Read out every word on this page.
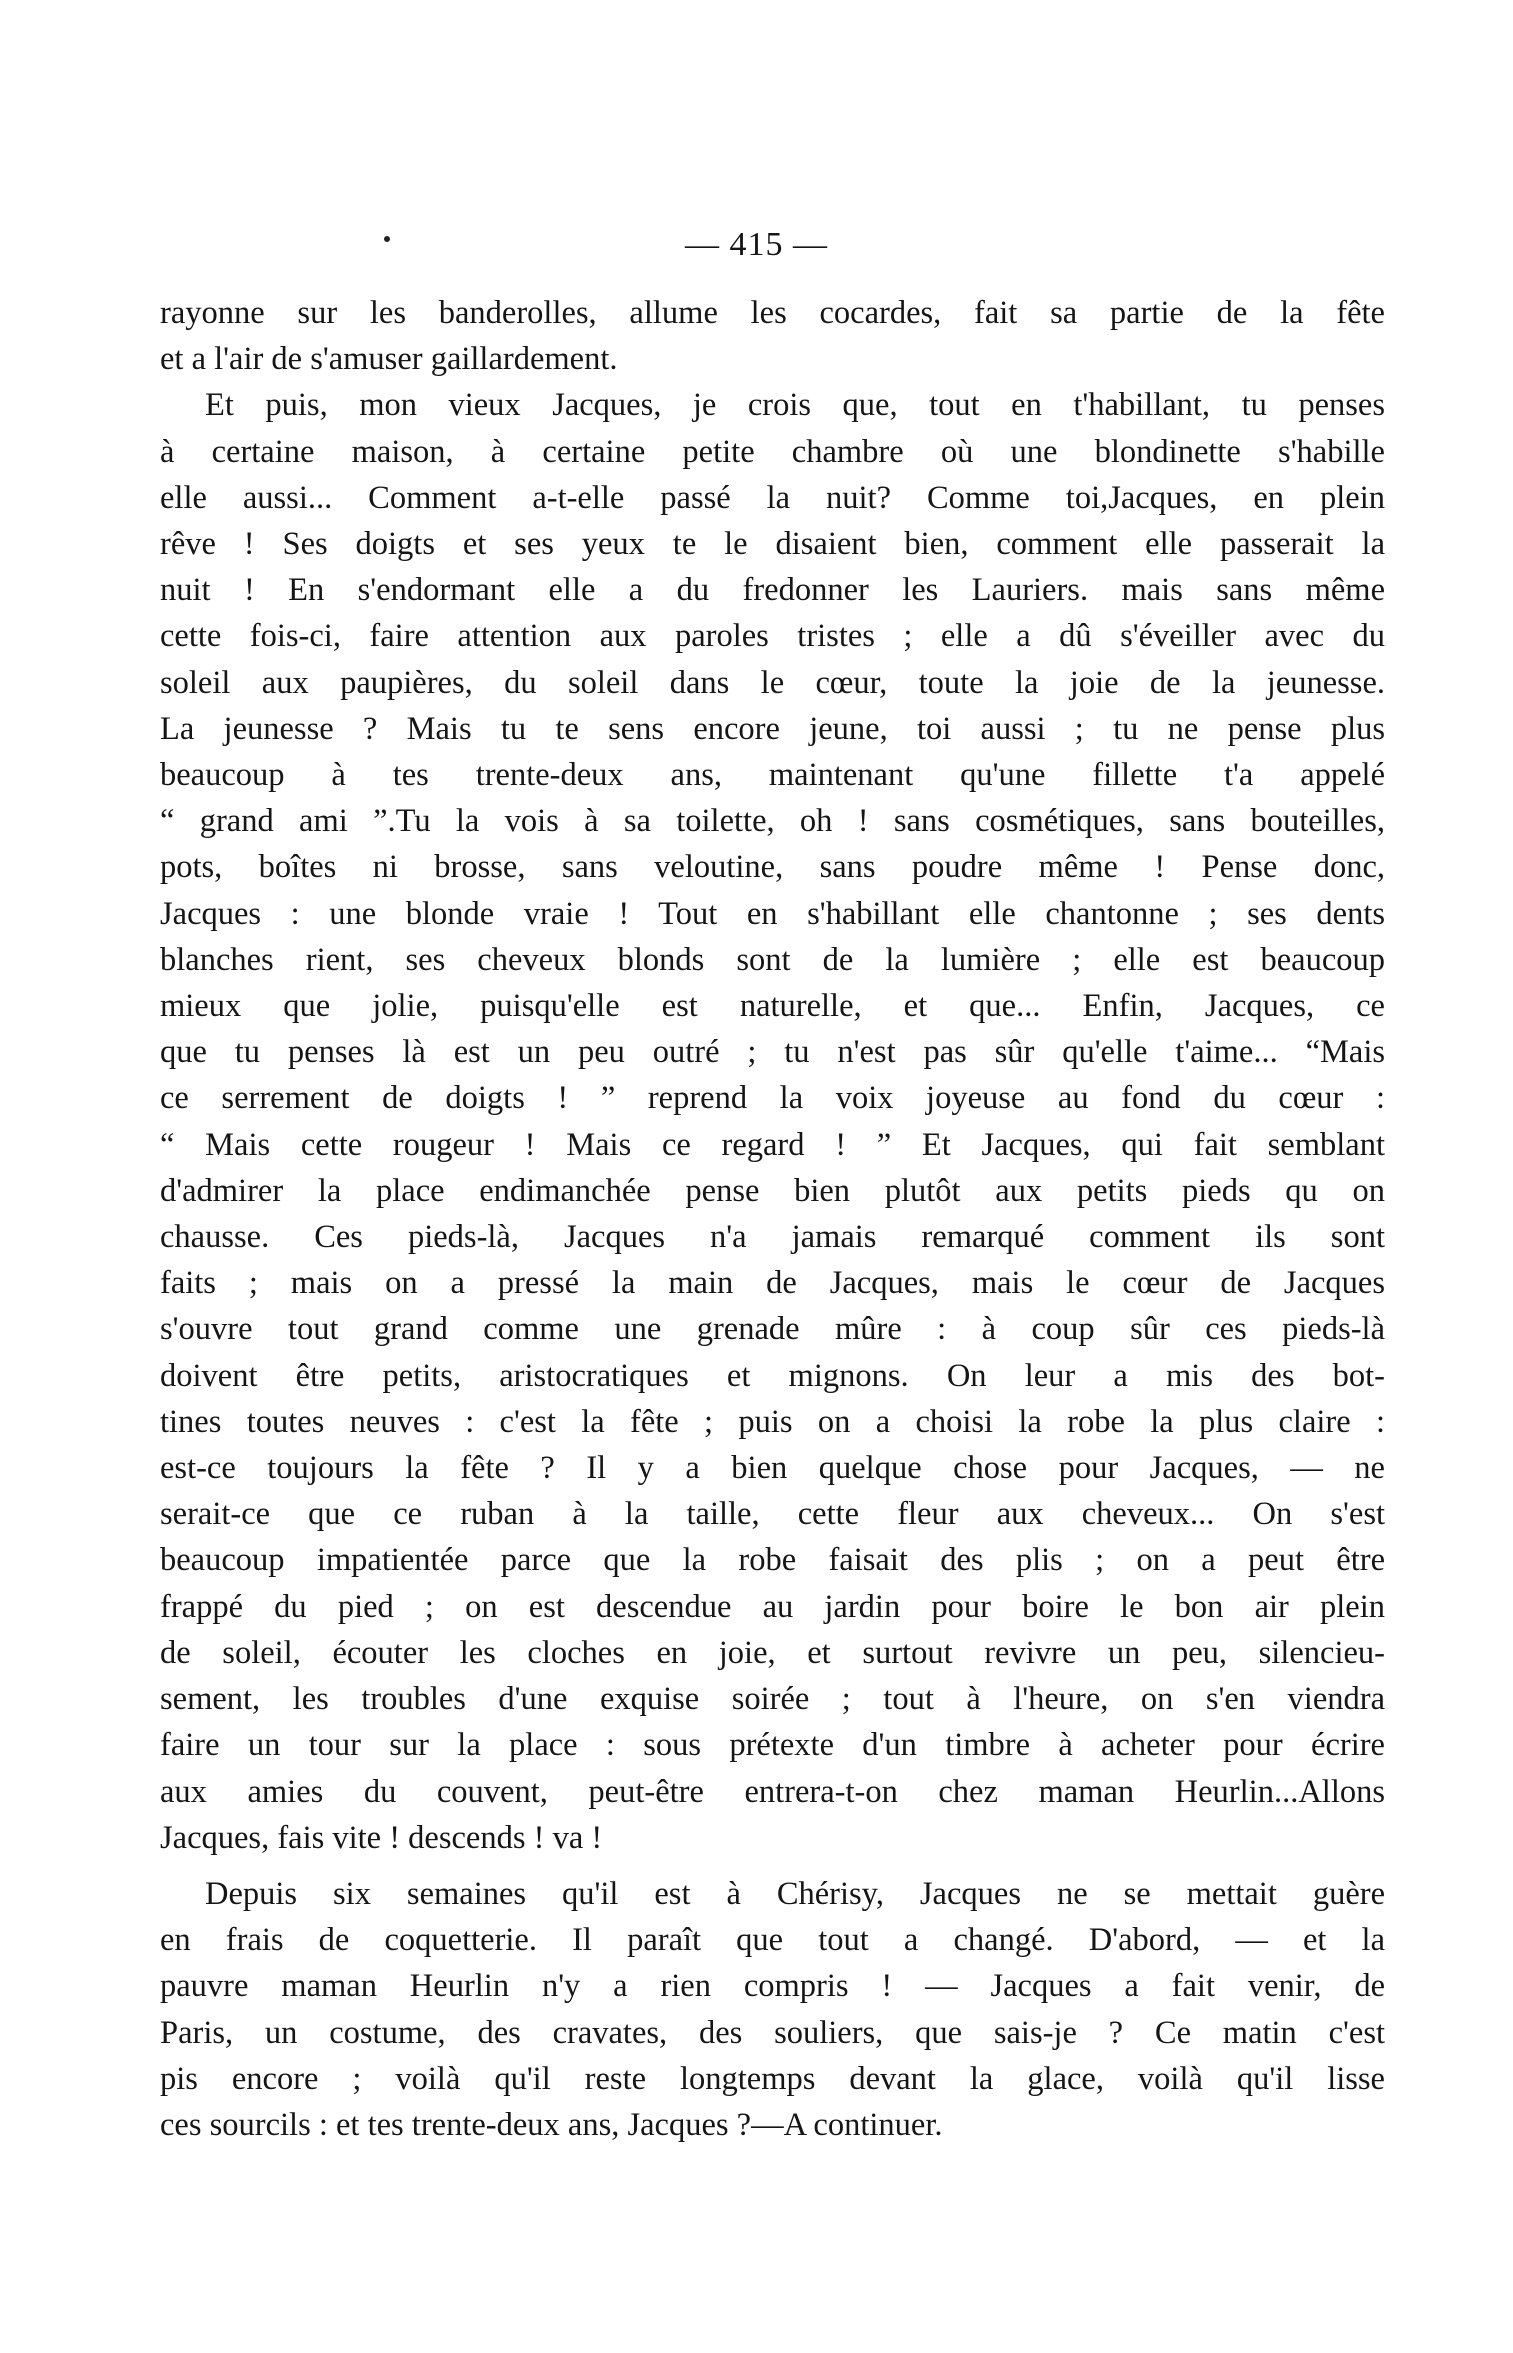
— 415 —
rayonne sur les banderolles, allume les cocardes, fait sa partie de la fête
et a l'air de s'amuser gaillardement.
Et puis, mon vieux Jacques, je crois que, tout en t'habillant, tu penses
à certaine maison, à certaine petite chambre où une blondinette s'habille
elle aussi... Comment a-t-elle passé la nuit? Comme toi,Jacques, en plein
rêve ! Ses doigts et ses yeux te le disaient bien, comment elle passerait la
nuit ! En s'endormant elle a du fredonner les Lauriers. mais sans même
cette fois-ci, faire attention aux paroles tristes ; elle a dû s'éveiller avec du
soleil aux paupières, du soleil dans le cœur, toute la joie de la jeunesse.
La jeunesse ? Mais tu te sens encore jeune, toi aussi ; tu ne pense plus
beaucoup à tes trente-deux ans, maintenant qu'une fillette t'a appelé
“ grand ami ”.Tu la vois à sa toilette, oh ! sans cosmétiques, sans bouteilles,
pots, boîtes ni brosse, sans veloutine, sans poudre même ! Pense donc,
Jacques : une blonde vraie ! Tout en s'habillant elle chantonne ; ses dents
blanches rient, ses cheveux blonds sont de la lumière ; elle est beaucoup
mieux que jolie, puisqu'elle est naturelle, et que... Enfin, Jacques, ce
que tu penses là est un peu outré ; tu n'est pas sûr qu'elle t'aime... “Mais
ce serrement de doigts ! ” reprend la voix joyeuse au fond du cœur :
“ Mais cette rougeur ! Mais ce regard ! ” Et Jacques, qui fait semblant
d'admirer la place endimanchée pense bien plutôt aux petits pieds qu on
chausse. Ces pieds-là, Jacques n'a jamais remarqué comment ils sont
faits ; mais on a pressé la main de Jacques, mais le cœur de Jacques
s'ouvre tout grand comme une grenade mûre : à coup sûr ces pieds-là
doivent être petits, aristocratiques et mignons. On leur a mis des bot-
tines toutes neuves : c'est la fête ; puis on a choisi la robe la plus claire :
est-ce toujours la fête ? Il y a bien quelque chose pour Jacques, — ne
serait-ce que ce ruban à la taille, cette fleur aux cheveux... On s'est
beaucoup impatientée parce que la robe faisait des plis ; on a peut être
frappé du pied ; on est descendue au jardin pour boire le bon air plein
de soleil, écouter les cloches en joie, et surtout revivre un peu, silencieu-
sement, les troubles d'une exquise soirée ; tout à l'heure, on s'en viendra
faire un tour sur la place : sous prétexte d'un timbre à acheter pour écrire
aux amies du couvent, peut-être entrera-t-on chez maman Heurlin...Allons
Jacques, fais vite ! descends ! va !
Depuis six semaines qu'il est à Chérisy, Jacques ne se mettait guère
en frais de coquetterie. Il paraît que tout a changé. D'abord, — et la
pauvre maman Heurlin n'y a rien compris ! — Jacques a fait venir, de
Paris, un costume, des cravates, des souliers, que sais-je ? Ce matin c'est
pis encore ; voilà qu'il reste longtemps devant la glace, voilà qu'il lisse
ces sourcils : et tes trente-deux ans, Jacques ?—A continuer.
